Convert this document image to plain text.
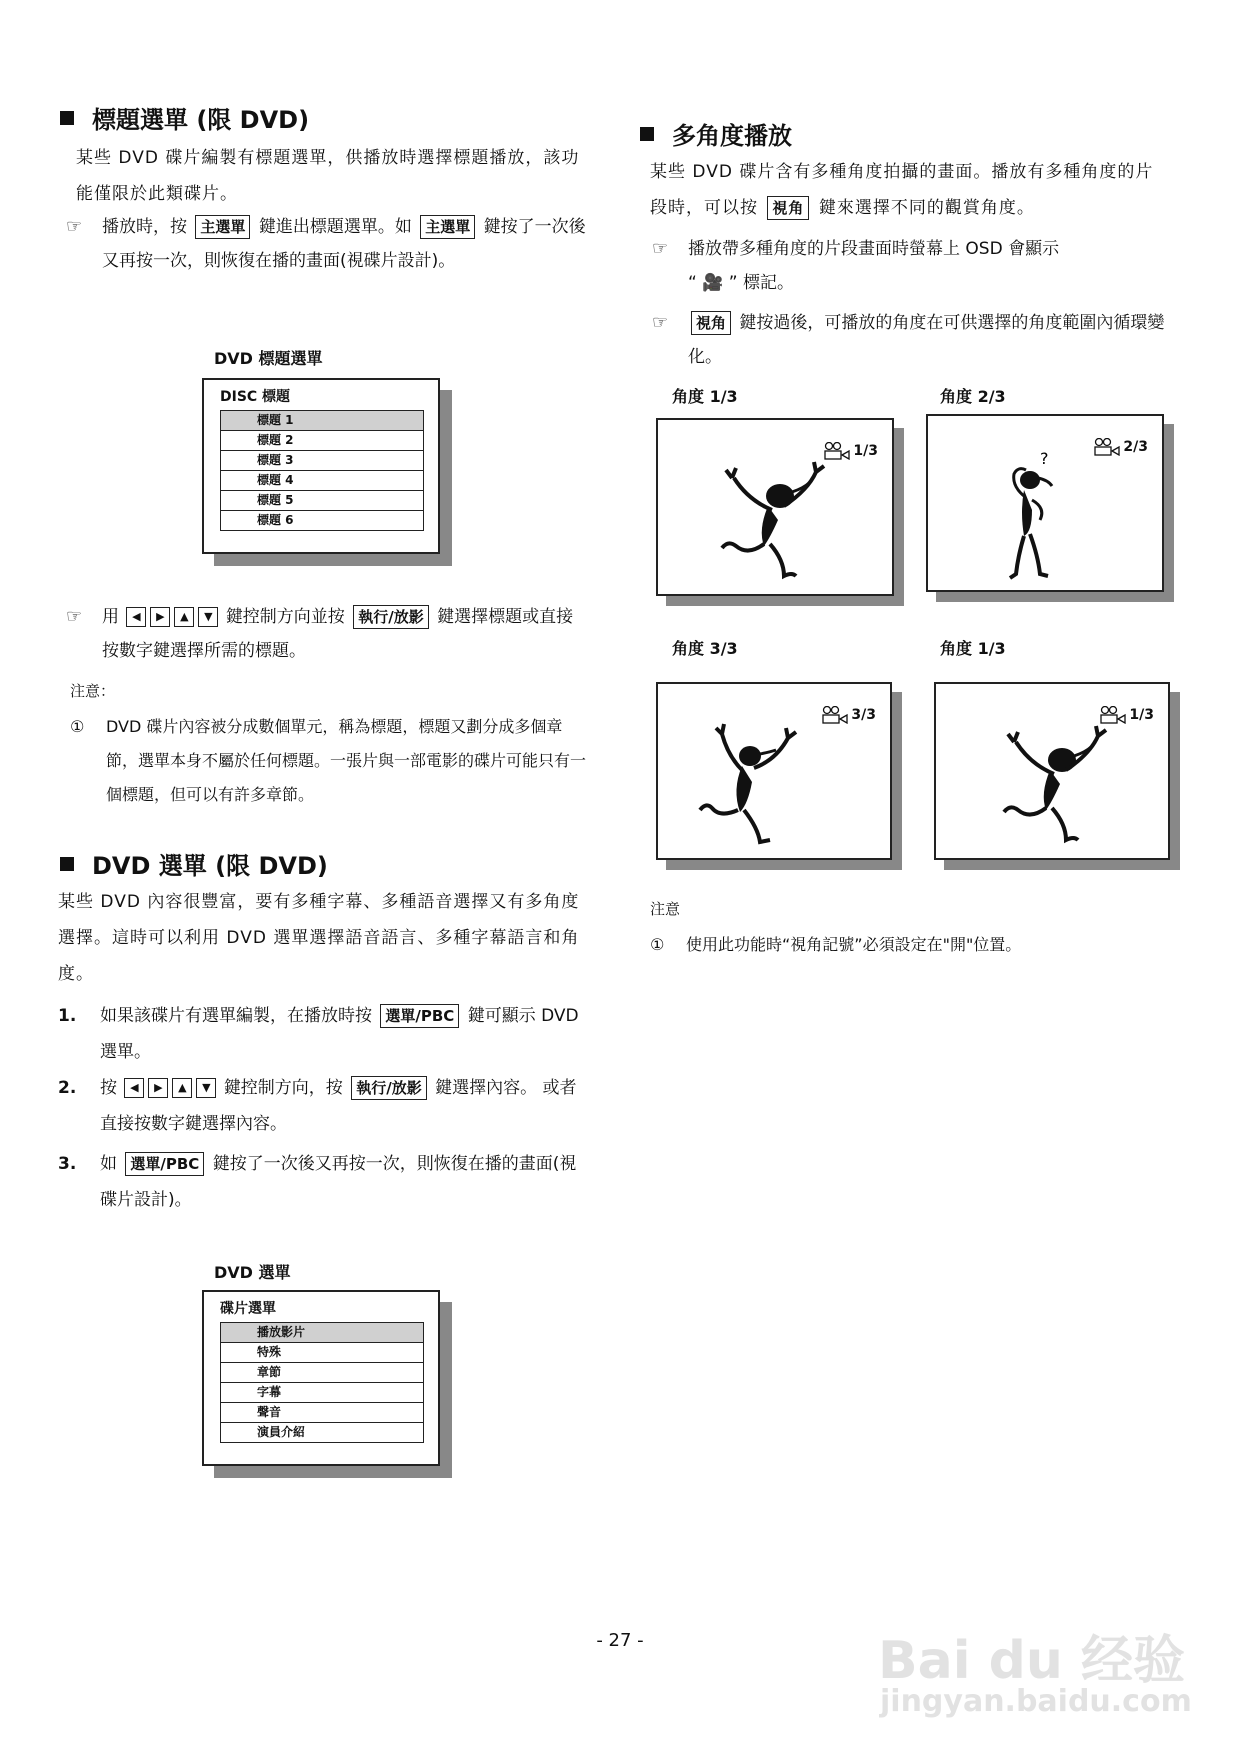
標題選單 (限 DVD)
某些 DVD 碟片編製有標題選單，供播放時選擇標題播放，該功能僅限於此類碟片。
☞	播放時，按 主選單 鍵進出標題選單。如 主選單 鍵按了一次後又再按一次，則恢復在播的畫面(視碟片設計)。
DVD 標題選單
DISC 標題
標題 1
標題 2
標題 3
標題 4
標題 5
標題 6
☞	用 ◀ ▶ ▲ ▼ 鍵控制方向並按 執行/放影 鍵選擇標題或直接按數字鍵選擇所需的標題。
注意：
①	DVD 碟片內容被分成數個單元，稱為標題，標題又劃分成多個章節，選單本身不屬於任何標題。一張片與一部電影的碟片可能只有一個標題，但可以有許多章節。
DVD 選單 (限 DVD)
某些 DVD 內容很豐富，要有多種字幕、多種語音選擇又有多角度選擇。這時可以利用 DVD 選單選擇語音語言、多種字幕語言和角度。
1.	如果該碟片有選單編製，在播放時按 選單/PBC 鍵可顯示 DVD 選單。
2.	按 ◀ ▶ ▲ ▼ 鍵控制方向，按 執行/放影 鍵選擇內容。 或者直接按數字鍵選擇內容。
3.	如 選單/PBC 鍵按了一次後又再按一次，則恢復在播的畫面(視碟片設計)。
DVD 選單
碟片選單
播放影片
特殊
章節
字幕
聲音
演員介紹
多角度播放
某些 DVD 碟片含有多種角度拍攝的畫面。播放有多種角度的片段時，可以按 視角 鍵來選擇不同的觀賞角度。
☞	播放帶多種角度的片段畫面時螢幕上 OSD 會顯示
“ 🎥 ” 標記。
☞	視角 鍵按過後，可播放的角度在可供選擇的角度範圍內循環變化。
角度 1/3
1/3
角度 2/3
2/3
?
角度 3/3
3/3
角度 1/3
1/3
注意
①	使用此功能時“視角記號”必須設定在"開"位置。
- 27 -	Bai du 经验
jingyan.baidu.com
